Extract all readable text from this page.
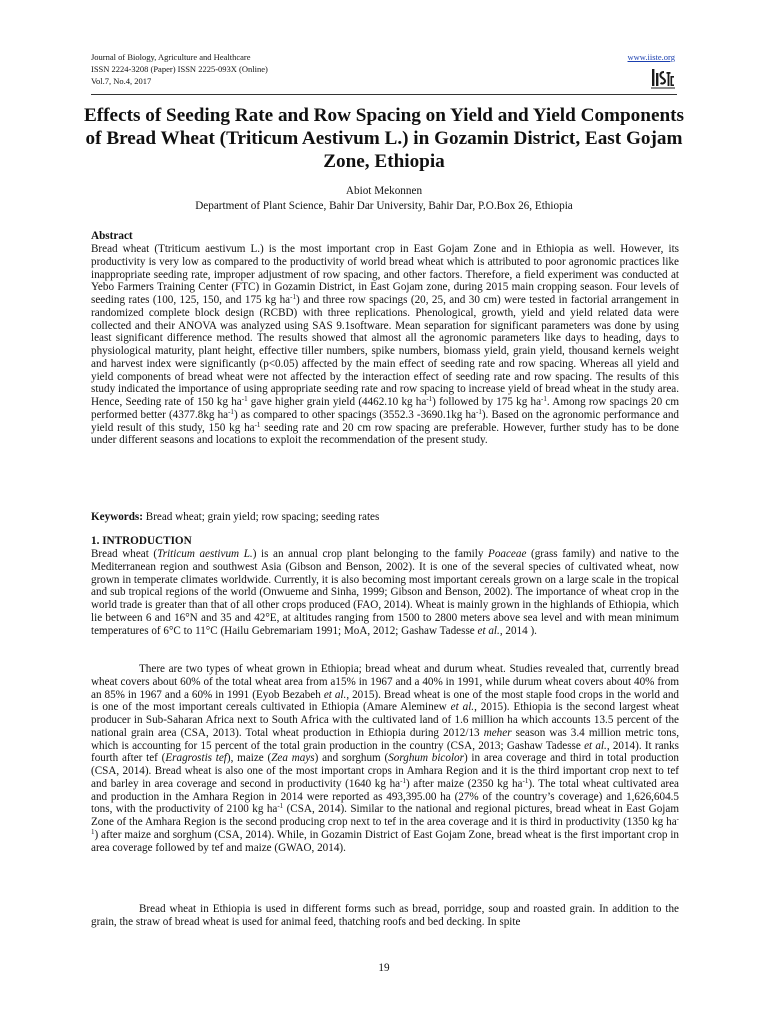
Journal of Biology, Agriculture and Healthcare
ISSN 2224-3208 (Paper) ISSN 2225-093X (Online)
Vol.7, No.4, 2017
www.iiste.org
Effects of Seeding Rate and Row Spacing on Yield and Yield Components of Bread Wheat (Triticum Aestivum L.) in Gozamin District, East Gojam Zone, Ethiopia
Abiot Mekonnen
Department of Plant Science, Bahir Dar University, Bahir Dar, P.O.Box 26, Ethiopia
Abstract
Bread wheat (Ttriticum aestivum L.) is the most important crop in East Gojam Zone and in Ethiopia as well. However, its productivity is very low as compared to the productivity of world bread wheat which is attributed to poor agronomic practices like inappropriate seeding rate, improper adjustment of row spacing, and other factors. Therefore, a field experiment was conducted at Yebo Farmers Training Center (FTC) in Gozamin District, in East Gojam zone, during 2015 main cropping season. Four levels of seeding rates (100, 125, 150, and 175 kg $ha^{-1}$) and three row spacings (20, 25, and 30 cm) were tested in factorial arrangement in randomized complete block design (RCBD) with three replications. Phenological, growth, yield and yield related data were collected and their ANOVA was analyzed using SAS 9.1software. Mean separation for significant parameters was done by using least significant difference method. The results showed that almost all the agronomic parameters like days to heading, days to physiological maturity, plant height, effective tiller numbers, spike numbers, biomass yield, grain yield, thousand kernels weight and harvest index were significantly (p<0.05) affected by the main effect of seeding rate and row spacing. Whereas all yield and yield components of bread wheat were not affected by the interaction effect of seeding rate and row spacing. The results of this study indicated the importance of using appropriate seeding rate and row spacing to increase yield of bread wheat in the study area. Hence, Seeding rate of 150 kg $ha^{-1}$ gave higher grain yield (4462.10 kg $ha^{-1}$) followed by 175 kg $ha^{-1}$. Among row spacings 20 cm performed better (4377.8kg $ha^{-1}$) as compared to other spacings (3552.3 -3690.1kg $ha^{-1}$). Based on the agronomic performance and yield result of this study, 150 kg $ha^{-1}$ seeding rate and 20 cm row spacing are preferable. However, further study has to be done under different seasons and locations to exploit the recommendation of the present study.
Keywords: Bread wheat; grain yield; row spacing; seeding rates
1. INTRODUCTION
Bread wheat (Triticum aestivum L.) is an annual crop plant belonging to the family Poaceae (grass family) and native to the Mediterranean region and southwest Asia (Gibson and Benson, 2002). It is one of the several species of cultivated wheat, now grown in temperate climates worldwide. Currently, it is also becoming most important cereals grown on a large scale in the tropical and sub tropical regions of the world (Onwueme and Sinha, 1999; Gibson and Benson, 2002). The importance of wheat crop in the world trade is greater than that of all other crops produced (FAO, 2014). Wheat is mainly grown in the highlands of Ethiopia, which lie between 6 and 16°N and 35 and 42°E, at altitudes ranging from 1500 to 2800 meters above sea level and with mean minimum temperatures of 6°C to 11°C (Hailu Gebremariam 1991; MoA, 2012; Gashaw Tadesse et al., 2014 ).
There are two types of wheat grown in Ethiopia; bread wheat and durum wheat. Studies revealed that, currently bread wheat covers about 60% of the total wheat area from a15% in 1967 and a 40% in 1991, while durum wheat covers about 40% from an 85% in 1967 and a 60% in 1991 (Eyob Bezabeh et al., 2015). Bread wheat is one of the most staple food crops in the world and is one of the most important cereals cultivated in Ethiopia (Amare Aleminew et al., 2015). Ethiopia is the second largest wheat producer in Sub-Saharan Africa next to South Africa with the cultivated land of 1.6 million ha which accounts 13.5 percent of the national grain area (CSA, 2013). Total wheat production in Ethiopia during 2012/13 meher season was 3.4 million metric tons, which is accounting for 15 percent of the total grain production in the country (CSA, 2013; Gashaw Tadesse et al., 2014). It ranks fourth after tef (Eragrostis tef), maize (Zea mays) and sorghum (Sorghum bicolor) in area coverage and third in total production (CSA, 2014). Bread wheat is also one of the most important crops in Amhara Region and it is the third important crop next to tef and barley in area coverage and second in productivity (1640 kg $ha^{-1}$) after maize (2350 kg $ha^{-1}$). The total wheat cultivated area and production in the Amhara Region in 2014 were reported as 493,395.00 ha (27% of the country’s coverage) and 1,626,604.5 tons, with the productivity of 2100 kg $ha^{-1}$ (CSA, 2014). Similar to the national and regional pictures, bread wheat in East Gojam Zone of the Amhara Region is the second producing crop next to tef in the area coverage and it is third in productivity (1350 kg $ha^{-1}$) after maize and sorghum (CSA, 2014). While, in Gozamin District of East Gojam Zone, bread wheat is the first important crop in area coverage followed by tef and maize (GWAO, 2014).
Bread wheat in Ethiopia is used in different forms such as bread, porridge, soup and roasted grain. In addition to the grain, the straw of bread wheat is used for animal feed, thatching roofs and bed decking. In spite
19
